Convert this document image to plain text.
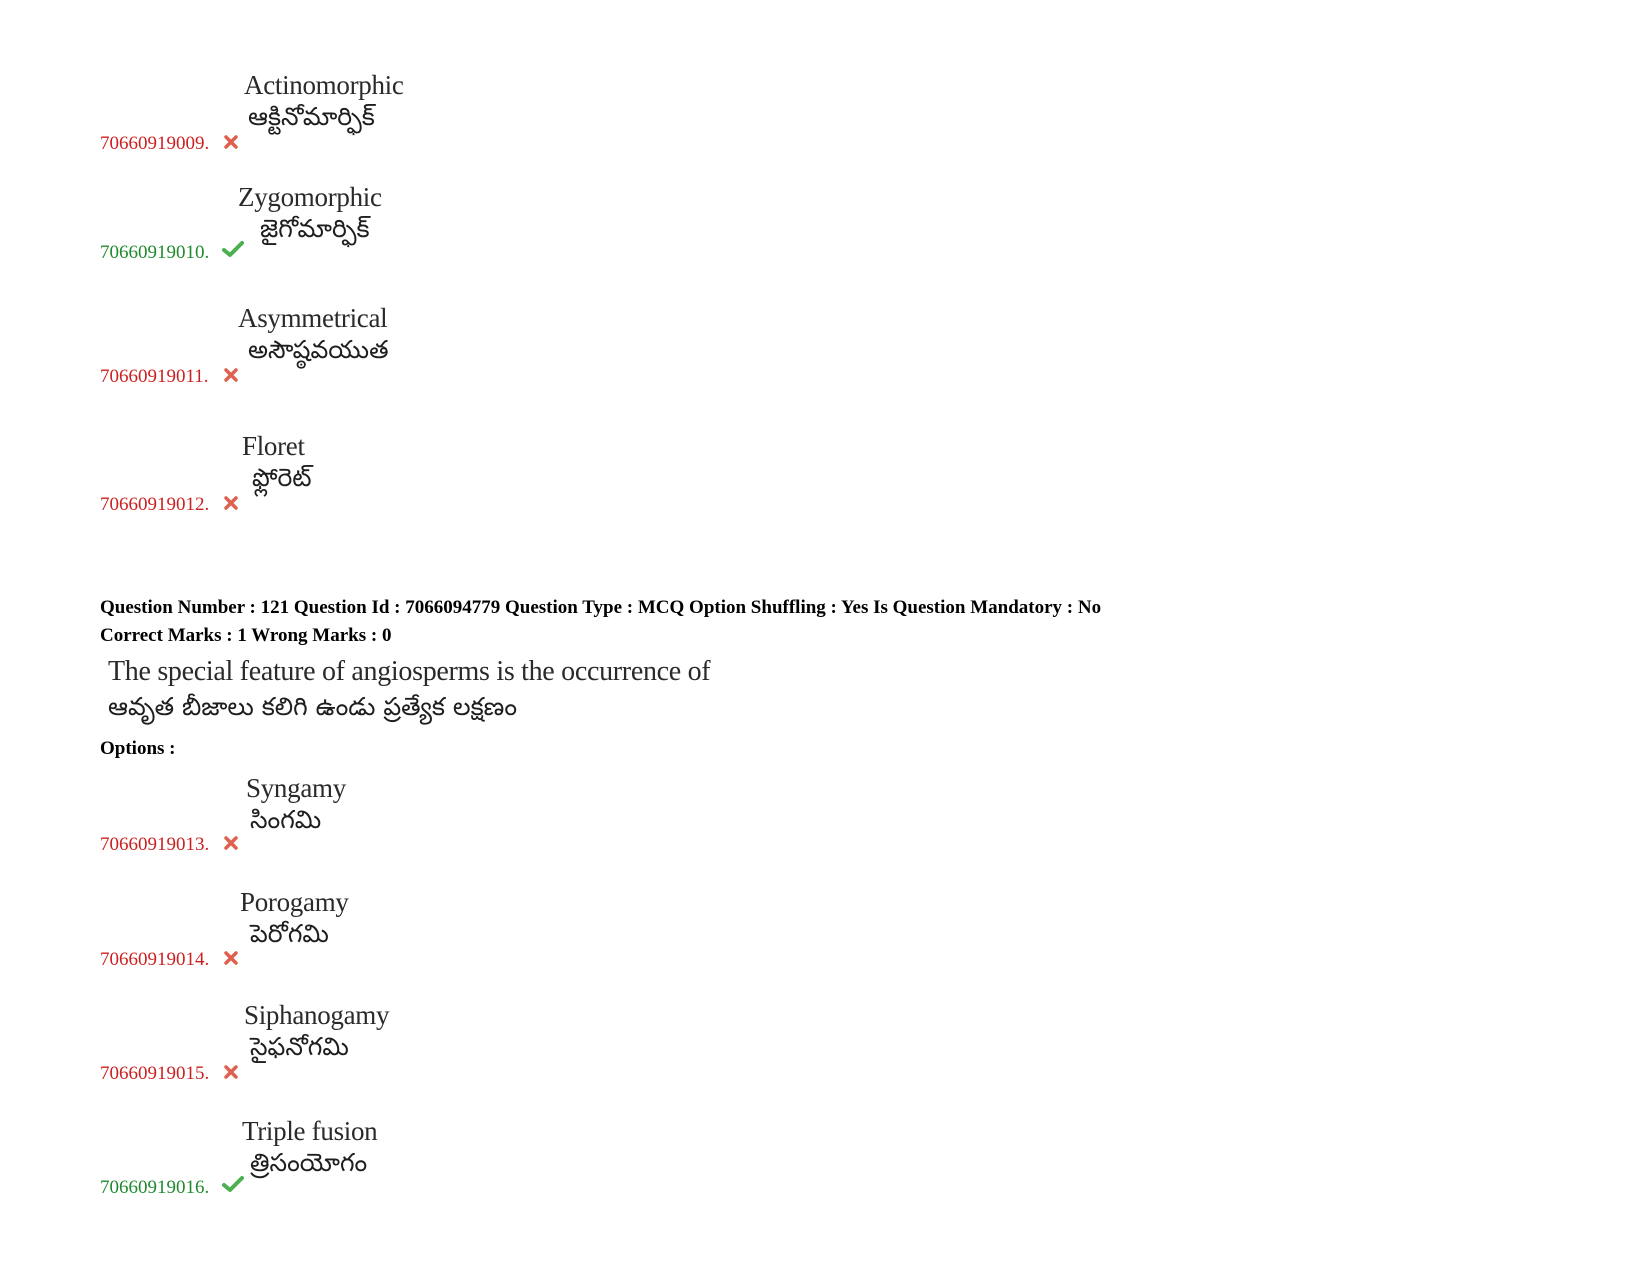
Actinomorphic
ఆక్టినోమార్ఫిక్
70660919009.
Zygomorphic
జైగోమార్ఫిక్
70660919010.
Asymmetrical
అసౌష్ఠవయుత
70660919011.
Floret
ఫ్లోరెట్
70660919012.
Question Number : 121 Question Id : 7066094779 Question Type : MCQ Option Shuffling : Yes Is Question Mandatory : No
Correct Marks : 1 Wrong Marks : 0
The special feature of angiosperms is the occurrence of
ఆవృత బీజాలు కలిగి ఉండు ప్రత్యేక లక్షణం
Options :
Syngamy
సింగమి
70660919013.
Porogamy
పెరోగమి
70660919014.
Siphanogamy
సైఫనోగమి
70660919015.
Triple fusion
త్రిసంయోగం
70660919016.
